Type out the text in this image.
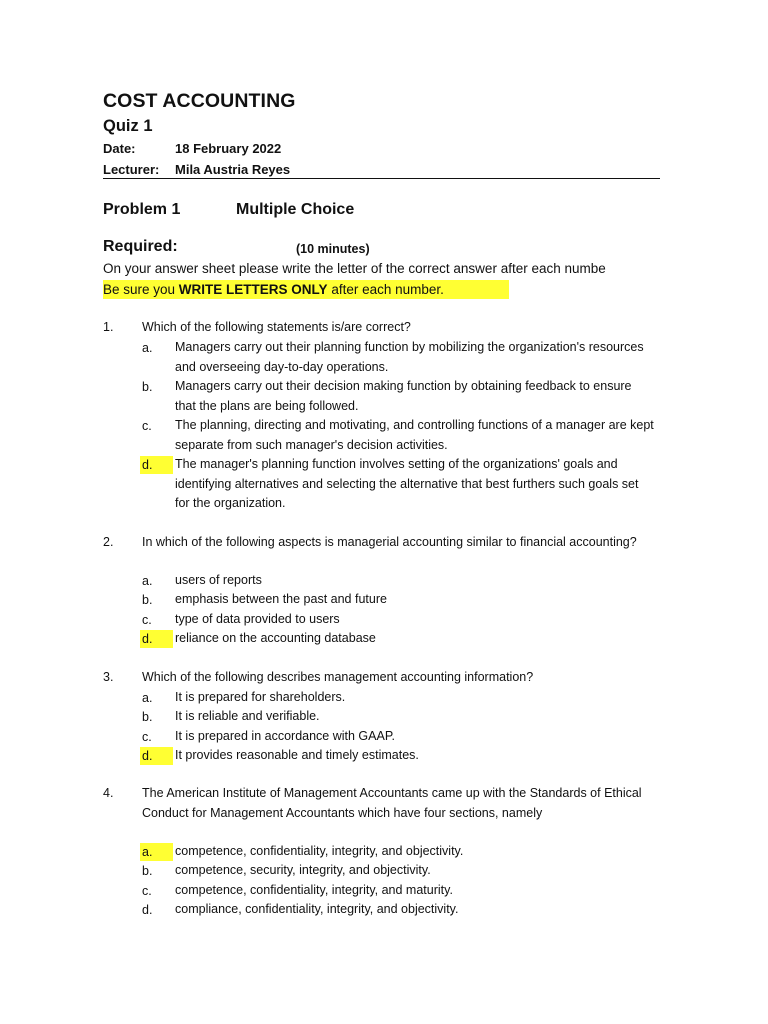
COST ACCOUNTING
Quiz 1
Date:	18 February 2022
Lecturer: Mila Austria Reyes
Problem 1	Multiple Choice
Required:	(10 minutes)
On your answer sheet please write the letter of the correct answer after each numbe
Be sure you WRITE LETTERS ONLY after each number.
1. Which of the following statements is/are correct?
a.	Managers carry out their planning function by mobilizing the organization's resources and overseeing day-to-day operations.
b.	Managers carry out their decision making function by obtaining feedback to ensure that the plans are being followed.
c.	The planning, directing and motivating, and controlling functions of a manager are kept separate from such manager's decision activities.
d.	The manager's planning function involves setting of the organizations' goals and identifying alternatives and selecting the alternative that best furthers such goals set for the organization.
2. In which of the following aspects is managerial accounting similar to financial accounting?
a.	users of reports
b.	emphasis between the past and future
c.	type of data provided to users
d.	reliance on the accounting database
3. Which of the following describes management accounting information?
a.	It is prepared for shareholders.
b.	It is reliable and verifiable.
c.	It is prepared in accordance with GAAP.
d.	It provides reasonable and timely estimates.
4. The American Institute of Management Accountants came up with the Standards of Ethical Conduct for Management Accountants which have four sections, namely
a.	competence, confidentiality, integrity, and objectivity.
b.	competence, security, integrity, and objectivity.
c.	competence, confidentiality, integrity, and maturity.
d.	compliance, confidentiality, integrity, and objectivity.
